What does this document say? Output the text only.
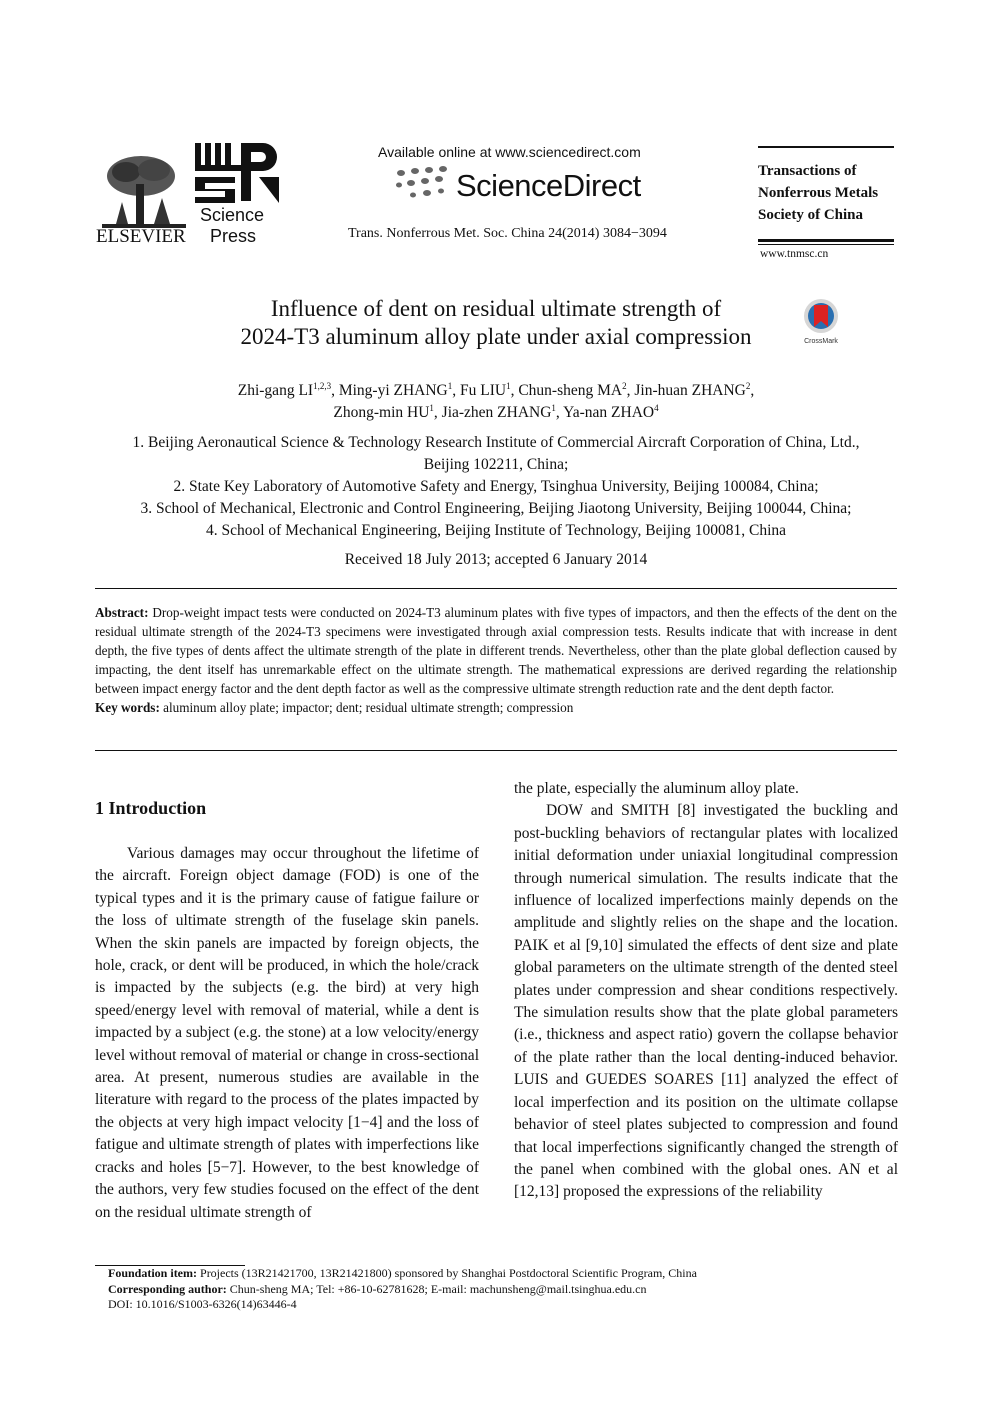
ELSEVIER
Science
Press
Available online at www.sciencedirect.com
ScienceDirect
Trans. Nonferrous Met. Soc. China 24(2014) 3084−3094
Transactions of
Nonferrous Metals
Society of China
www.tnmsc.cn
Influence of dent on residual ultimate strength of
2024-T3 aluminum alloy plate under axial compression	CrossMark
Zhi-gang LI$^{1,2,3}$, Ming-yi ZHANG$^1$, Fu LIU$^1$, Chun-sheng $MA^2$, Jin-huan ZHANG$^2$,
Zhong-min $HU^1$, Jia-zhen ZHANG$^1$, Ya-nan ZHAO$^4$
1. Beijing Aeronautical Science & Technology Research Institute of Commercial Aircraft Corporation of China, Ltd.,
Beijing 102211, China;
2. State Key Laboratory of Automotive Safety and Energy, Tsinghua University, Beijing 100084, China;
3. School of Mechanical, Electronic and Control Engineering, Beijing Jiaotong University, Beijing 100044, China;
4. School of Mechanical Engineering, Beijing Institute of Technology, Beijing 100081, China
Received 18 July 2013; accepted 6 January 2014
Abstract: Drop-weight impact tests were conducted on 2024-T3 aluminum plates with five types of impactors, and then the effects of the dent on the residual ultimate strength of the 2024-T3 specimens were investigated through axial compression tests. Results indicate that with increase in dent depth, the five types of dents affect the ultimate strength of the plate in different trends. Nevertheless, other than the plate global deflection caused by impacting, the dent itself has unremarkable effect on the ultimate strength. The mathematical expressions are derived regarding the relationship between impact energy factor and the dent depth factor as well as the compressive ultimate strength reduction rate and the dent depth factor.
Key words: aluminum alloy plate; impactor; dent; residual ultimate strength; compression
1 Introduction

Various damages may occur throughout the lifetime of the aircraft. Foreign object damage (FOD) is one of the typical types and it is the primary cause of fatigue failure or the loss of ultimate strength of the fuselage skin panels. When the skin panels are impacted by foreign objects, the hole, crack, or dent will be produced, in which the hole/crack is impacted by the subjects (e.g. the bird) at very high speed/energy level with removal of material, while a dent is impacted by a subject (e.g. the stone) at a low velocity/energy level without removal of material or change in cross-sectional area. At present, numerous studies are available in the literature with regard to the process of the plates impacted by the objects at very high impact velocity [1−4] and the loss of fatigue and ultimate strength of plates with imperfections like cracks and holes [5−7]. However, to the best knowledge of the authors, very few studies focused on the effect of the dent on the residual ultimate strength of

the plate, especially the aluminum alloy plate.

DOW and SMITH [8] investigated the buckling and post-buckling behaviors of rectangular plates with localized initial deformation under uniaxial longitudinal compression through numerical simulation. The results indicate that the influence of localized imperfections mainly depends on the amplitude and slightly relies on the shape and the location. PAIK et al [9,10] simulated the effects of dent size and plate global parameters on the ultimate strength of the dented steel plates under compression and shear conditions respectively. The simulation results show that the plate global parameters (i.e., thickness and aspect ratio) govern the collapse behavior of the plate rather than the local denting-induced behavior. LUIS and GUEDES SOARES [11] analyzed the effect of local imperfection and its position on the ultimate collapse behavior of steel plates subjected to compression and found that local imperfections significantly changed the strength of the panel when combined with the global ones. AN et al [12,13] proposed the expressions of the reliability

Foundation item: Projects (13R21421700, 13R21421800) sponsored by Shanghai Postdoctoral Scientific Program, China
Corresponding author: Chun-sheng MA; Tel: +86-10-62781628; E-mail: machunsheng@mail.tsinghua.edu.cn
DOI: 10.1016/S1003-6326(14)63446-4
